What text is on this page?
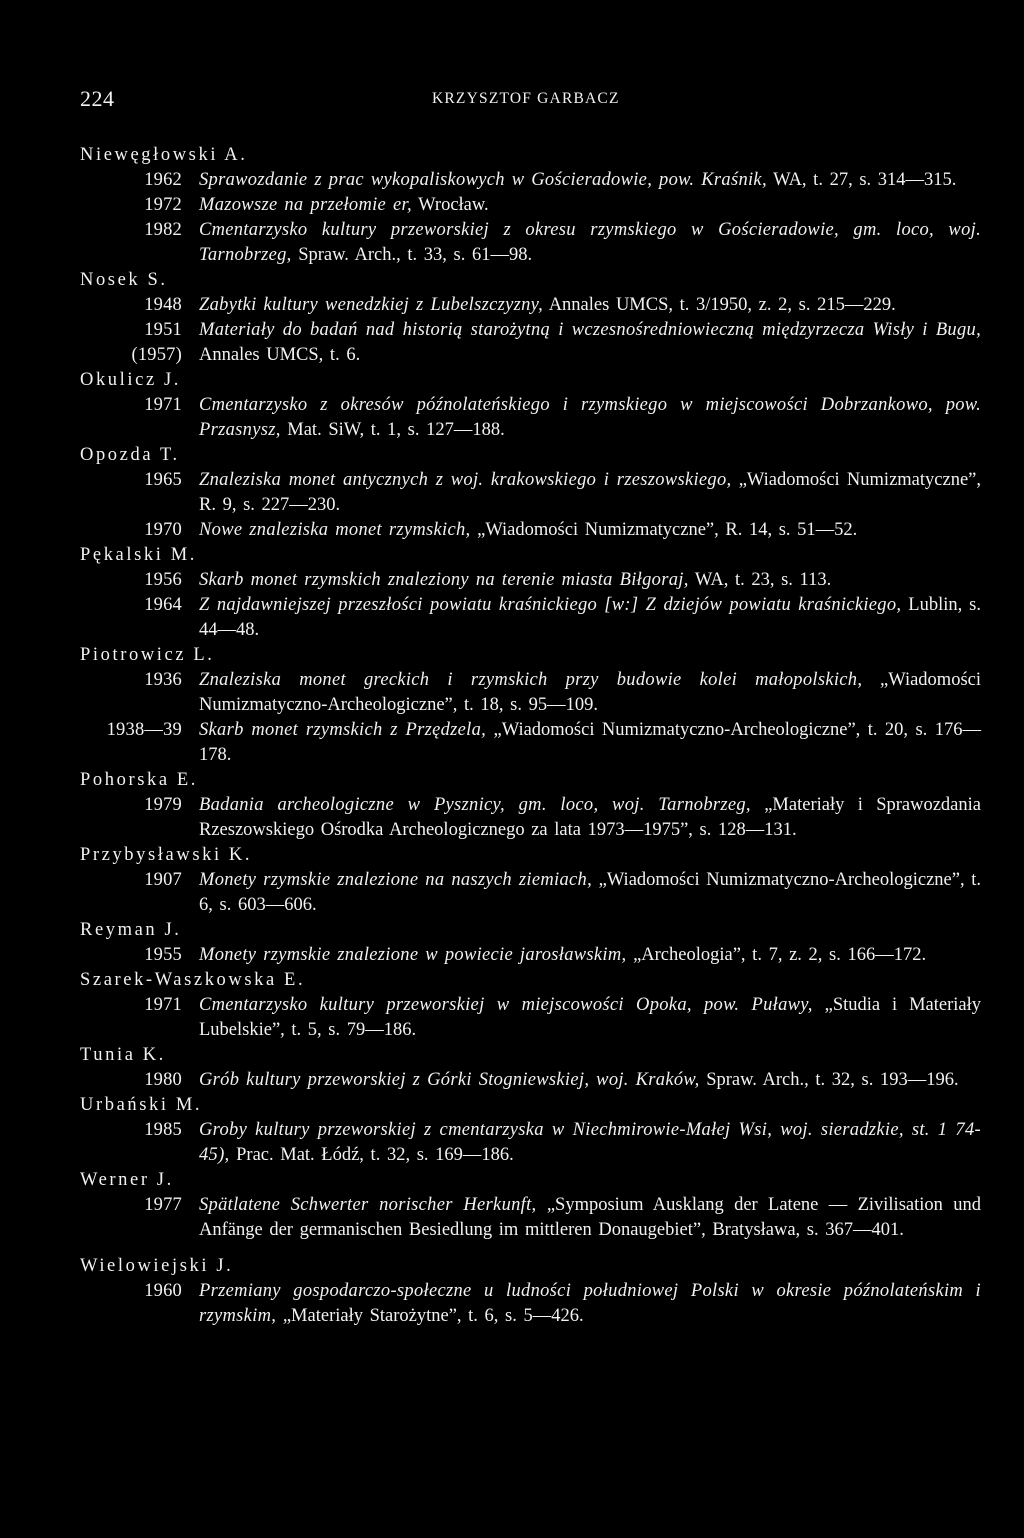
224	KRZYSZTOF GARBACZ
Niewęgłowski A.
1962 Sprawozdanie z prac wykopaliskowych w Gościeradowie, pow. Kraśnik, WA, t. 27, s. 314—315.
1972 Mazowsze na przełomie er, Wrocław.
1982 Cmentarzysko kultury przeworskiej z okresu rzymskiego w Gościeradowie, gm. loco, woj. Tarnobrzeg, Spraw. Arch., t. 33, s. 61—98.
Nosek S.
1948 Zabytki kultury wenedzkiej z Lubelszczyzny, Annales UMCS, t. 3/1950, z. 2, s. 215—229.
1951
(1957)
Materiały do badań nad historią starożytną i wczesnośredniowieczną międzyrzecza Wisły i Bugu, Annales UMCS, t. 6.
Okulicz J.
1971 Cmentarzysko z okresów późnolateńskiego i rzymskiego w miejscowości Dobrzankowo, pow. Przasnysz, Mat. SiW, t. 1, s. 127—188.
Opozda T.
1965 Znaleziska monet antycznych z woj. krakowskiego i rzeszowskiego, „Wiadomości Numizmatyczne”, R. 9, s. 227—230.
1970 Nowe znaleziska monet rzymskich, „Wiadomości Numizmatyczne”, R. 14, s. 51—52.
Pękalski M.
1956 Skarb monet rzymskich znaleziony na terenie miasta Biłgoraj, WA, t. 23, s. 113.
1964 Z najdawniejszej przeszłości powiatu kraśnickiego [w:] Z dziejów powiatu kraśnickiego, Lublin, s. 44—48.
Piotrowicz L.
1936 Znaleziska monet greckich i rzymskich przy budowie kolei małopolskich, „Wiadomości Numizmatyczno-Archeologiczne”, t. 18, s. 95—109.
1938—39 Skarb monet rzymskich z Przędzela, „Wiadomości Numizmatyczno-Archeologiczne”, t. 20, s. 176—178.
Pohorska E.
1979 Badania archeologiczne w Pysznicy, gm. loco, woj. Tarnobrzeg, „Materiały i Sprawozdania Rzeszowskiego Ośrodka Archeologicznego za lata 1973—1975”, s. 128—131.
Przybysławski K.
1907 Monety rzymskie znalezione na naszych ziemiach, „Wiadomości Numizmatyczno-Archeologiczne”, t. 6, s. 603—606.
Reyman J.
1955 Monety rzymskie znalezione w powiecie jarosławskim, „Archeologia”, t. 7, z. 2, s. 166—172.
Szarek-Waszkowska E.
1971 Cmentarzysko kultury przeworskiej w miejscowości Opoka, pow. Puławy, „Studia i Materiały Lubelskie”, t. 5, s. 79—186.
Tunia K.
1980 Grób kultury przeworskiej z Górki Stogniewskiej, woj. Kraków, Spraw. Arch., t. 32, s. 193—196.
Urbański M.
1985 Groby kultury przeworskiej z cmentarzyska w Niechmirowie-Małej Wsi, woj. sieradzkie, st. 1 74-45), Prac. Mat. Łódź, t. 32, s. 169—186.
Werner J.
1977 Spätlatene Schwerter norischer Herkunft, „Symposium Ausklang der Latene — Zivilisation und Anfänge der germanischen Besiedlung im mittleren Donaugebiet”, Bratysława, s. 367—401.
Wielowiejski J.
1960 Przemiany gospodarczo-społeczne u ludności południowej Polski w okresie późnolateńskim i rzymskim, „Materiały Starożytne”, t. 6, s. 5—426.
